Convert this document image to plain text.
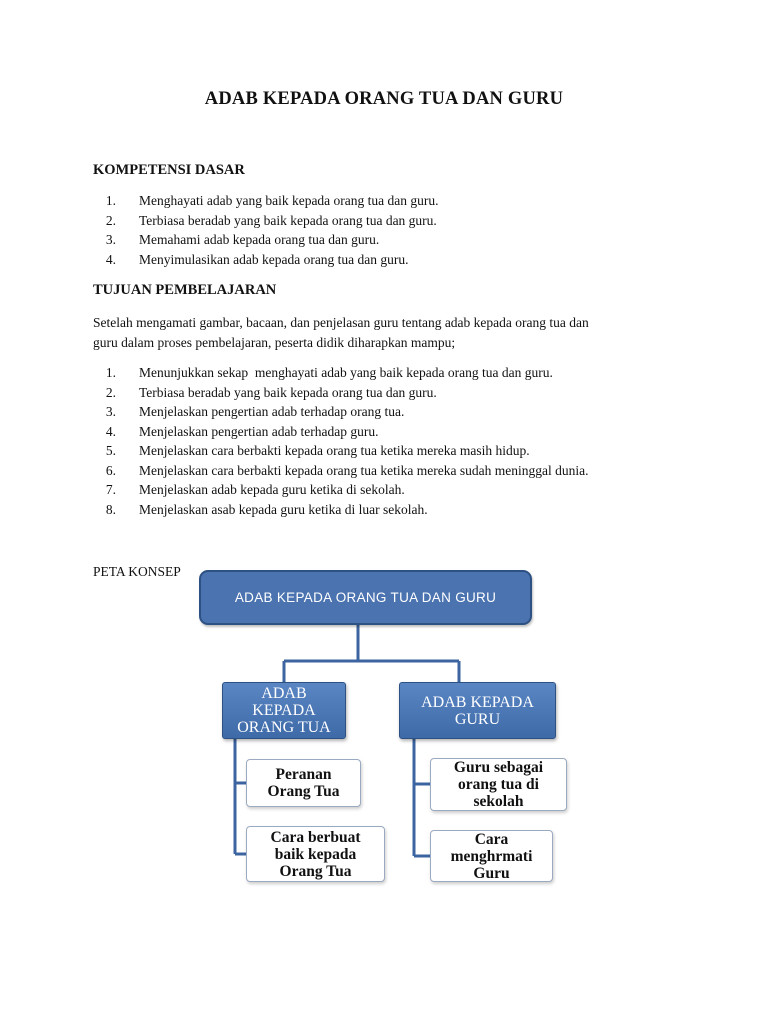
ADAB KEPADA ORANG TUA DAN GURU
KOMPETENSI DASAR
1. Menghayati adab yang baik kepada orang tua dan guru.
2. Terbiasa beradab yang baik kepada orang tua dan guru.
3. Memahami adab kepada orang tua dan guru.
4. Menyimulasikan adab kepada orang tua dan guru.
TUJUAN PEMBELAJARAN
Setelah mengamati gambar, bacaan, dan penjelasan guru tentang adab kepada orang tua dan
guru dalam proses pembelajaran, peserta didik diharapkan mampu;
1. Menunjukkan sekap  menghayati adab yang baik kepada orang tua dan guru.
2. Terbiasa beradab yang baik kepada orang tua dan guru.
3. Menjelaskan pengertian adab terhadap orang tua.
4. Menjelaskan pengertian adab terhadap guru.
5. Menjelaskan cara berbakti kepada orang tua ketika mereka masih hidup.
6. Menjelaskan cara berbakti kepada orang tua ketika mereka sudah meninggal dunia.
7. Menjelaskan adab kepada guru ketika di sekolah.
8. Menjelaskan asab kepada guru ketika di luar sekolah.
PETA KONSEP
ADAB KEPADA ORANG TUA DAN GURU
ADAB
KEPADA
ORANG TUA
ADAB KEPADA
GURU
Peranan
Orang Tua
Cara berbuat
baik kepada
Orang Tua
Guru sebagai
orang tua di
sekolah
Cara
menghrmati
Guru
